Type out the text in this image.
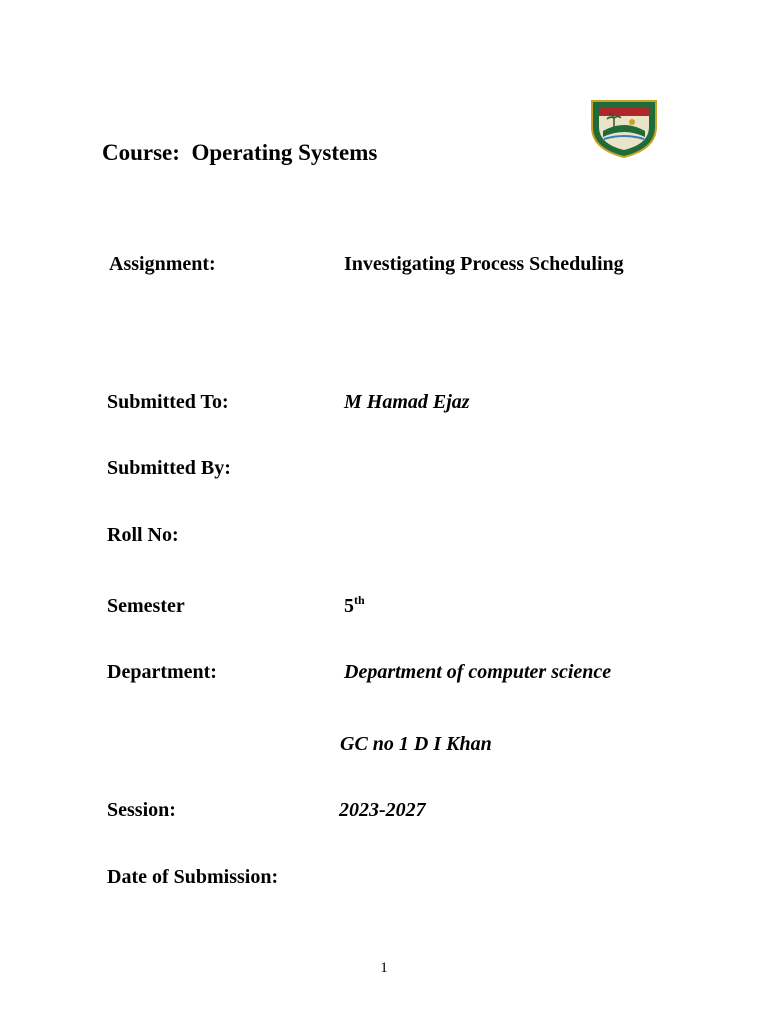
Course: Operating Systems
Assignment:	Investigating Process Scheduling
Submitted To:	M Hamad Ejaz
Submitted By:
Roll No:
Semester	5th
Department:	Department of computer science
GC no 1 D I Khan
Session:	2023-2027
Date of Submission:
1
